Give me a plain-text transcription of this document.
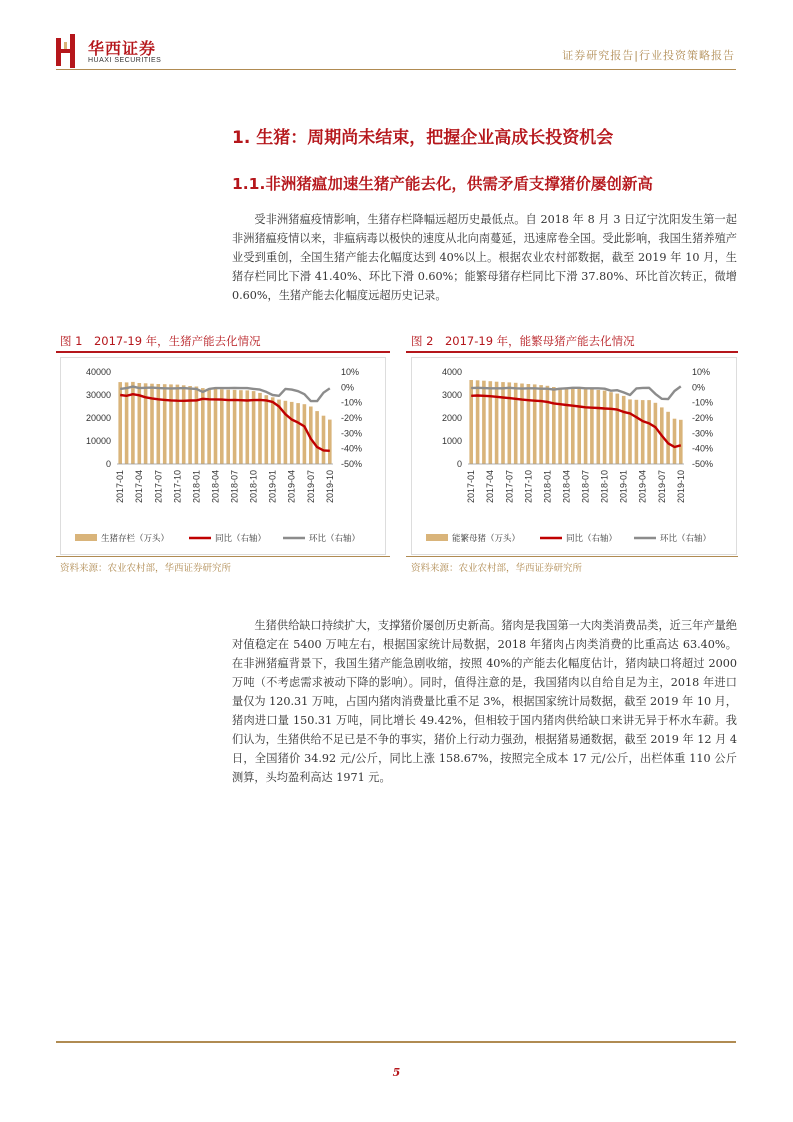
华西证券
HUAXI SECURITIES	证券研究报告|行业投资策略报告
1. 生猪：周期尚未结束，把握企业高成长投资机会
1.1.非洲猪瘟加速生猪产能去化，供需矛盾支撑猪价屡创新高

受非洲猪瘟疫情影响，生猪存栏降幅远超历史最低点。自 2018 年 8 月 3 日辽宁沈阳发生第一起非洲猪瘟疫情以来，非瘟病毒以极快的速度从北向南蔓延，迅速席卷全国。受此影响，我国生猪养殖产业受到重创，全国生猪产能去化幅度达到 40%以上。根据农业农村部数据，截至 2019 年 10 月，生猪存栏同比下滑 41.40%、环比下滑 0.60%；能繁母猪存栏同比下滑 37.80%、环比首次转正，微增 0.60%，生猪产能去化幅度远超历史记录。

图 1　2017-19 年，生猪产能去化情况
40000
30000
20000
10000
0
10%
0%
-10%
-20%
-30%
-40%
-50%
2017-01 2017-04 2017-07 2017-10 2018-01 2018-04 2018-07 2018-10 2019-01 2019-04 2019-07 2019-10
生猪存栏（万头）	同比（右轴）	环比（右轴）
资料来源：农业农村部，华西证券研究所
图 2　2017-19 年，能繁母猪产能去化情况
4000
3000
2000
1000
0
10%
0%
-10%
-20%
-30%
-40%
-50%
2017-01 2017-04 2017-07 2017-10 2018-01 2018-04 2018-07 2018-10 2019-01 2019-04 2019-07 2019-10
能繁母猪（万头）	同比（右轴）	环比（右轴）
资料来源：农业农村部，华西证券研究所

生猪供给缺口持续扩大，支撑猪价屡创历史新高。猪肉是我国第一大肉类消费品类，近三年产量绝对值稳定在 5400 万吨左右，根据国家统计局数据，2018 年猪肉占肉类消费的比重高达 63.40%。在非洲猪瘟背景下，我国生猪产能急剧收缩，按照 40%的产能去化幅度估计，猪肉缺口将超过 2000 万吨（不考虑需求被动下降的影响）。同时，值得注意的是，我国猪肉以自给自足为主，2018 年进口量仅为 120.31 万吨，占国内猪肉消费量比重不足 3%，根据国家统计局数据，截至 2019 年 10 月，猪肉进口量 150.31 万吨，同比增长 49.42%，但相较于国内猪肉供给缺口来讲无异于杯水车薪。我们认为，生猪供给不足已是不争的事实，猪价上行动力强劲，根据猪易通数据，截至 2019 年 12 月 4 日，全国猪价 34.92 元/公斤，同比上涨 158.67%，按照完全成本 17 元/公斤，出栏体重 110 公斤测算，头均盈利高达 1971 元。

5
